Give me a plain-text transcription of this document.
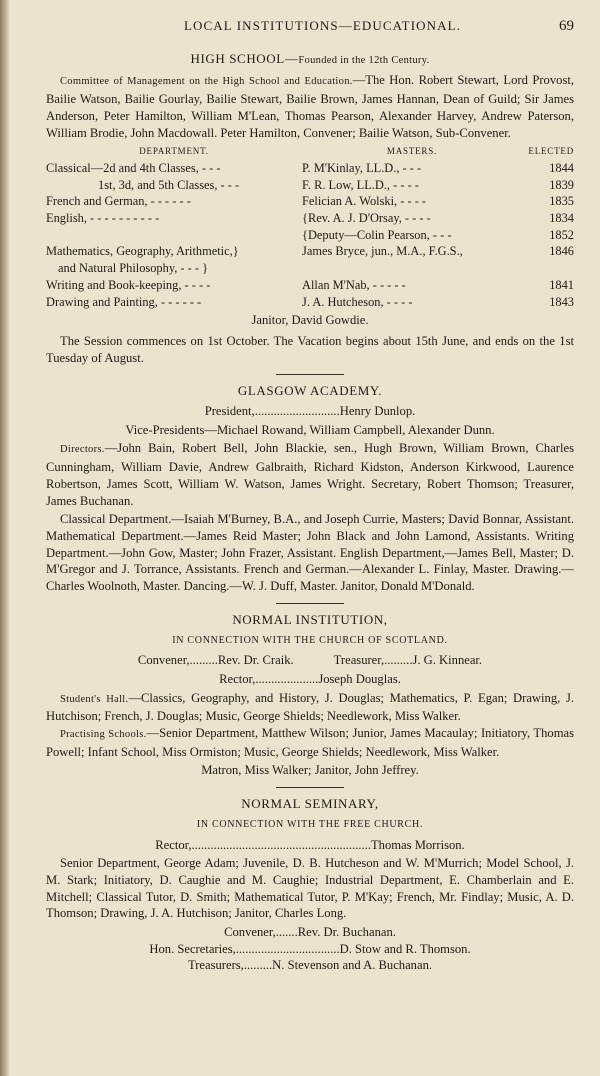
LOCAL INSTITUTIONS—EDUCATIONAL.	69
HIGH SCHOOL—Founded in the 12th Century.

Committee of Management on the High School and Education.—The Hon. Robert Stewart, Lord Provost, Bailie Watson, Bailie Gourlay, Bailie Stewart, Bailie Brown, James Hannan, Dean of Guild; Sir James Anderson, Peter Hamilton, William M'Lean, Thomas Pearson, Alexander Harvey, Andrew Paterson, William Brodie, John Macdowall. Peter Hamilton, Convener; Bailie Watson, Sub-Convener.

DEPARTMENT.	MASTERS.	ELECTED
Classical—2d and 4th Classes, - - -	P. M'Kinlay, LL.D., - - -	1844
1st, 3d, and 5th Classes, - - -	F. R. Low, LL.D., - - - -	1839
French and German, - - - - - -	Felician A. Wolski, - - - -	1835
English, - - - - - - - - - -	{Rev. A. J. D'Orsay, - - - -	1834
	{Deputy—Colin Pearson, - - -	1852
Mathematics, Geography, Arithmetic,}	James Bryce, jun., M.A., F.G.S.,	1846
and Natural Philosophy, - - - }		
Writing and Book-keeping, - - - -	Allan M'Nab, - - - - -	1841
Drawing and Painting, - - - - - -	J. A. Hutcheson, - - - -	1843
Janitor, David Gowdie.

The Session commences on 1st October. The Vacation begins about 15th June, and ends on the 1st Tuesday of August.

GLASGOW ACADEMY.
President, ........................... Henry Dunlop.
Vice-Presidents—Michael Rowand, William Campbell, Alexander Dunn.

Directors.—John Bain, Robert Bell, John Blackie, sen., Hugh Brown, William Brown, Charles Cunningham, William Davie, Andrew Galbraith, Richard Kidston, Anderson Kirkwood, Laurence Robertson, James Scott, William W. Watson, James Wright. Secretary, Robert Thomson; Treasurer, James Buchanan.

Classical Department.—Isaiah M'Burney, B.A., and Joseph Currie, Masters; David Bonnar, Assistant. Mathematical Department.—James Reid Master; John Black and John Lamond, Assistants. Writing Department.—John Gow, Master; John Frazer, Assistant. English Department,—James Bell, Master; D. M'Gregor and J. Torrance, Assistants. French and German.—Alexander L. Finlay, Master. Drawing.—Charles Woolnoth, Master. Dancing.—W. J. Duff, Master. Janitor, Donald M'Donald.

NORMAL INSTITUTION,
IN CONNECTION WITH THE CHURCH OF SCOTLAND.
Convener, ......... Rev. Dr. Craik.	Treasurer, ......... J. G. Kinnear.
Rector, .................... Joseph Douglas.

Student's Hall.—Classics, Geography, and History, J. Douglas; Mathematics, P. Egan; Drawing, J. Hutchison; French, J. Douglas; Music, George Shields; Needlework, Miss Walker.

Practising Schools.—Senior Department, Matthew Wilson; Junior, James Macaulay; Initiatory, Thomas Powell; Infant School, Miss Ormiston; Music, George Shields; Needlework, Miss Walker.

Matron, Miss Walker; Janitor, John Jeffrey.
NORMAL SEMINARY,
IN CONNECTION WITH THE FREE CHURCH.
Rector, ......................................................... Thomas Morrison.

Senior Department, George Adam; Juvenile, D. B. Hutcheson and W. M'Murrich; Model School, J. M. Stark; Initiatory, D. Caughie and M. Caughie; Industrial Department, E. Chamberlain and E. Mitchell; Classical Tutor, D. Smith; Mathematical Tutor, P. M'Kay; French, Mr. Findlay; Music, A. D. Thomson; Drawing, J. A. Hutchison; Janitor, Charles Long.

Convener, ....... Rev. Dr. Buchanan.
Hon. Secretaries, ................................. D. Stow and R. Thomson.
Treasurers, ......... N. Stevenson and A. Buchanan.
